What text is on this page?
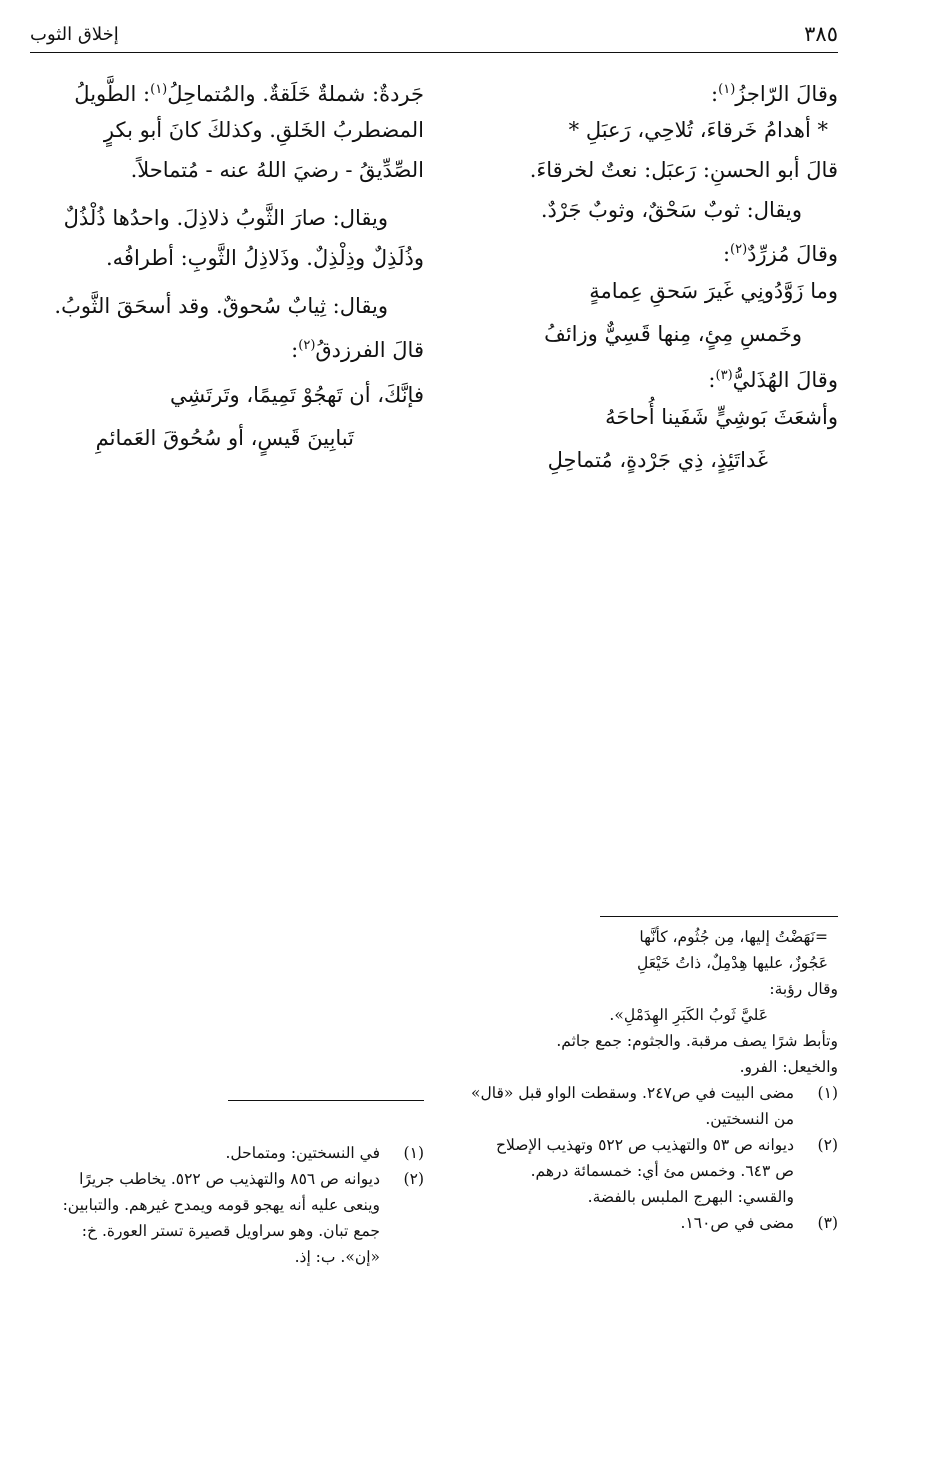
٣٨٥
إخلاق الثوب
وقالَ الرّاجزُ$^{(١)}$:
* أهدامُ خَرقاءَ، تُلاحِي، رَعبَلِ *
قالَ أبو الحسنِ: رَعبَل: نعتٌ لخرقاءَ.
ويقال: ثوبٌ سَحْقٌ، وثوبٌ جَرْدٌ.
وقالَ مُزرِّدٌ$^{(٢)}$:
وما زَوَّدُونِي غَيرَ سَحقِ عِمامةٍ
وخَمسِ مِئٍ، مِنها قَسِيٌّ وزائفُ
وقالَ الهُذَليُّ$^{(٣)}$:
وأشعَثَ بَوشِيٍّ شَفَينا أُحاحَهُ
غَداتَئِذٍ، ذِي جَرْدةٍ، مُتماحِلِ
جَردةٌ: شملةٌ خَلَقةٌ. والمُتماحِلُ$^{(١)}$: الطَّويلُ
المضطربُ الخَلقِ. وكذلكَ كانَ أبو بكرٍ
الصِّدِّيقُ - رضيَ اللهُ عنه - مُتماحلاً.
ويقال: صارَ الثَّوبُ ذلاذِلَ. واحدُها ذُلْذُلٌ
وذُلَذِلٌ وذِلْذِلٌ. وذَلاذِلُ الثَّوبِ: أطرافُه.
ويقال: ثِيابٌ سُحوقٌ. وقد أسحَقَ الثَّوبُ.
قالَ الفرزدقُ$^{(٢)}$:
فإنَّكَ، أن تَهجُوْ تَمِيمًا، وتَرتَشِي
تَبابِينَ قَيسٍ، أو سُحُوقَ العَمائمِ
=نَهَضْتُ إليها، مِن جُثُوم، كأنَّها
عَجُوزٌ، عليها هِدْمِلٌ، ذاتُ خَيْعَلِ
وقال رؤبة:
عَليَّ ثَوبُ الكَبَرِ الهِدَمْلِ».
وتأبط شرًا يصف مرقبة. والجثوم: جمع جاثم.
والخيعل: الفرو.
(١)مضى البيت في ص٢٤٧. وسقطت الواو قبل «قال»
من النسختين.
(٢)ديوانه ص ٥٣ والتهذيب ص ٥٢٢ وتهذيب الإصلاح
ص ٦٤٣. وخمس مئ أي: خمسمائة درهم.
والقسي: البهرج الملبس بالفضة.
(٣)مضى في ص١٦٠.
(١)في النسختين: ومتماحل.
(٢)ديوانه ص ٨٥٦ والتهذيب ص ٥٢٢. يخاطب جريرًا
وينعى عليه أنه يهجو قومه ويمدح غيرهم. والتبابين:
جمع تبان. وهو سراويل قصيرة تستر العورة. خ:
«إن». ب: إذ.
